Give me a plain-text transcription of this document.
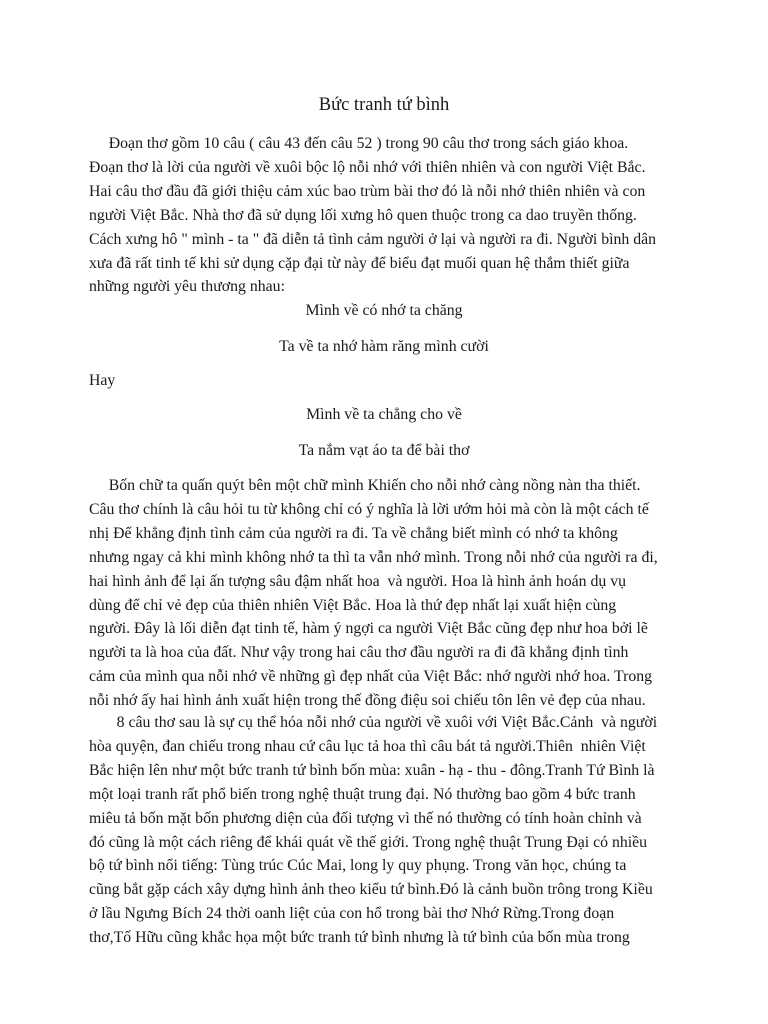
Bức tranh tứ bình

Đoạn thơ gồm 10 câu ( câu 43 đến câu 52 ) trong 90 câu thơ trong sách giáo khoa.
Đoạn thơ là lời của người về xuôi bộc lộ nỗi nhớ với thiên nhiên và con người Việt Bắc.
Hai câu thơ đầu đã giới thiệu cảm xúc bao trùm bài thơ đó là nỗi nhớ thiên nhiên và con
người Việt Bắc. Nhà thơ đã sử dụng lối xưng hô quen thuộc trong ca dao truyền thống.
Cách xưng hô " mình - ta " đã diễn tả tình cảm người ở lại và người ra đi. Người bình dân
xưa đã rất tinh tế khi sử dụng cặp đại từ này để biểu đạt muối quan hệ thắm thiết giữa
những người yêu thương nhau:

Mình về có nhớ ta chăng

Ta về ta nhớ hàm răng mình cười

Hay

Mình về ta chẳng cho về

Ta nắm vạt áo ta để bài thơ

Bốn chữ ta quấn quýt bên một chữ mình Khiến cho nỗi nhớ càng nồng nàn tha thiết.
Câu thơ chính là câu hỏi tu từ không chỉ có ý nghĩa là lời ướm hỏi mà còn là một cách tế
nhị Để khẳng định tình cảm của người ra đi. Ta về chẳng biết mình có nhớ ta không
nhưng ngay cả khi mình không nhớ ta thì ta vẫn nhớ mình. Trong nỗi nhớ của người ra đi,
hai hình ảnh để lại ấn tượng sâu đậm nhất hoa  và người. Hoa là hình ảnh hoán dụ vụ
dùng để chỉ vẻ đẹp của thiên nhiên Việt Bắc. Hoa là thứ đẹp nhất lại xuất hiện cùng
người. Đây là lối diễn đạt tinh tế, hàm ý ngợi ca người Việt Bắc cũng đẹp như hoa bởi lẽ
người ta là hoa của đất. Như vậy trong hai câu thơ đầu người ra đi đã khẳng định tình
cảm của mình qua nỗi nhớ về những gì đẹp nhất của Việt Bắc: nhớ người nhớ hoa. Trong
nỗi nhớ ấy hai hình ảnh xuất hiện trong thế đồng điệu soi chiếu tôn lên vẻ đẹp của nhau.

8 câu thơ sau là sự cụ thể hóa nỗi nhớ của người về xuôi với Việt Bắc.Cảnh  và người
hòa quyện, đan chiếu trong nhau cứ câu lục tả hoa thì câu bát tả người.Thiên  nhiên Việt
Bắc hiện lên như một bức tranh tứ bình bốn mùa: xuân - hạ - thu - đông.Tranh Tứ Bình là
một loại tranh rất phổ biến trong nghệ thuật trung đại. Nó thường bao gồm 4 bức tranh
miêu tả bốn mặt bốn phương diện của đối tượng vì thế nó thường có tính hoàn chỉnh và
đó cũng là một cách riêng để khái quát về thế giới. Trong nghệ thuật Trung Đại có nhiều
bộ tứ bình nổi tiếng: Tùng trúc Cúc Mai, long ly quy phụng. Trong văn học, chúng ta
cũng bắt gặp cách xây dựng hình ảnh theo kiểu tứ bình.Đó là cảnh buồn trông trong Kiều
ở lầu Ngưng Bích 24 thời oanh liệt của con hổ trong bài thơ Nhớ Rừng.Trong đoạn
thơ,Tố Hữu cũng khắc họa một bức tranh tứ bình nhưng là tứ bình của bốn mùa trong
